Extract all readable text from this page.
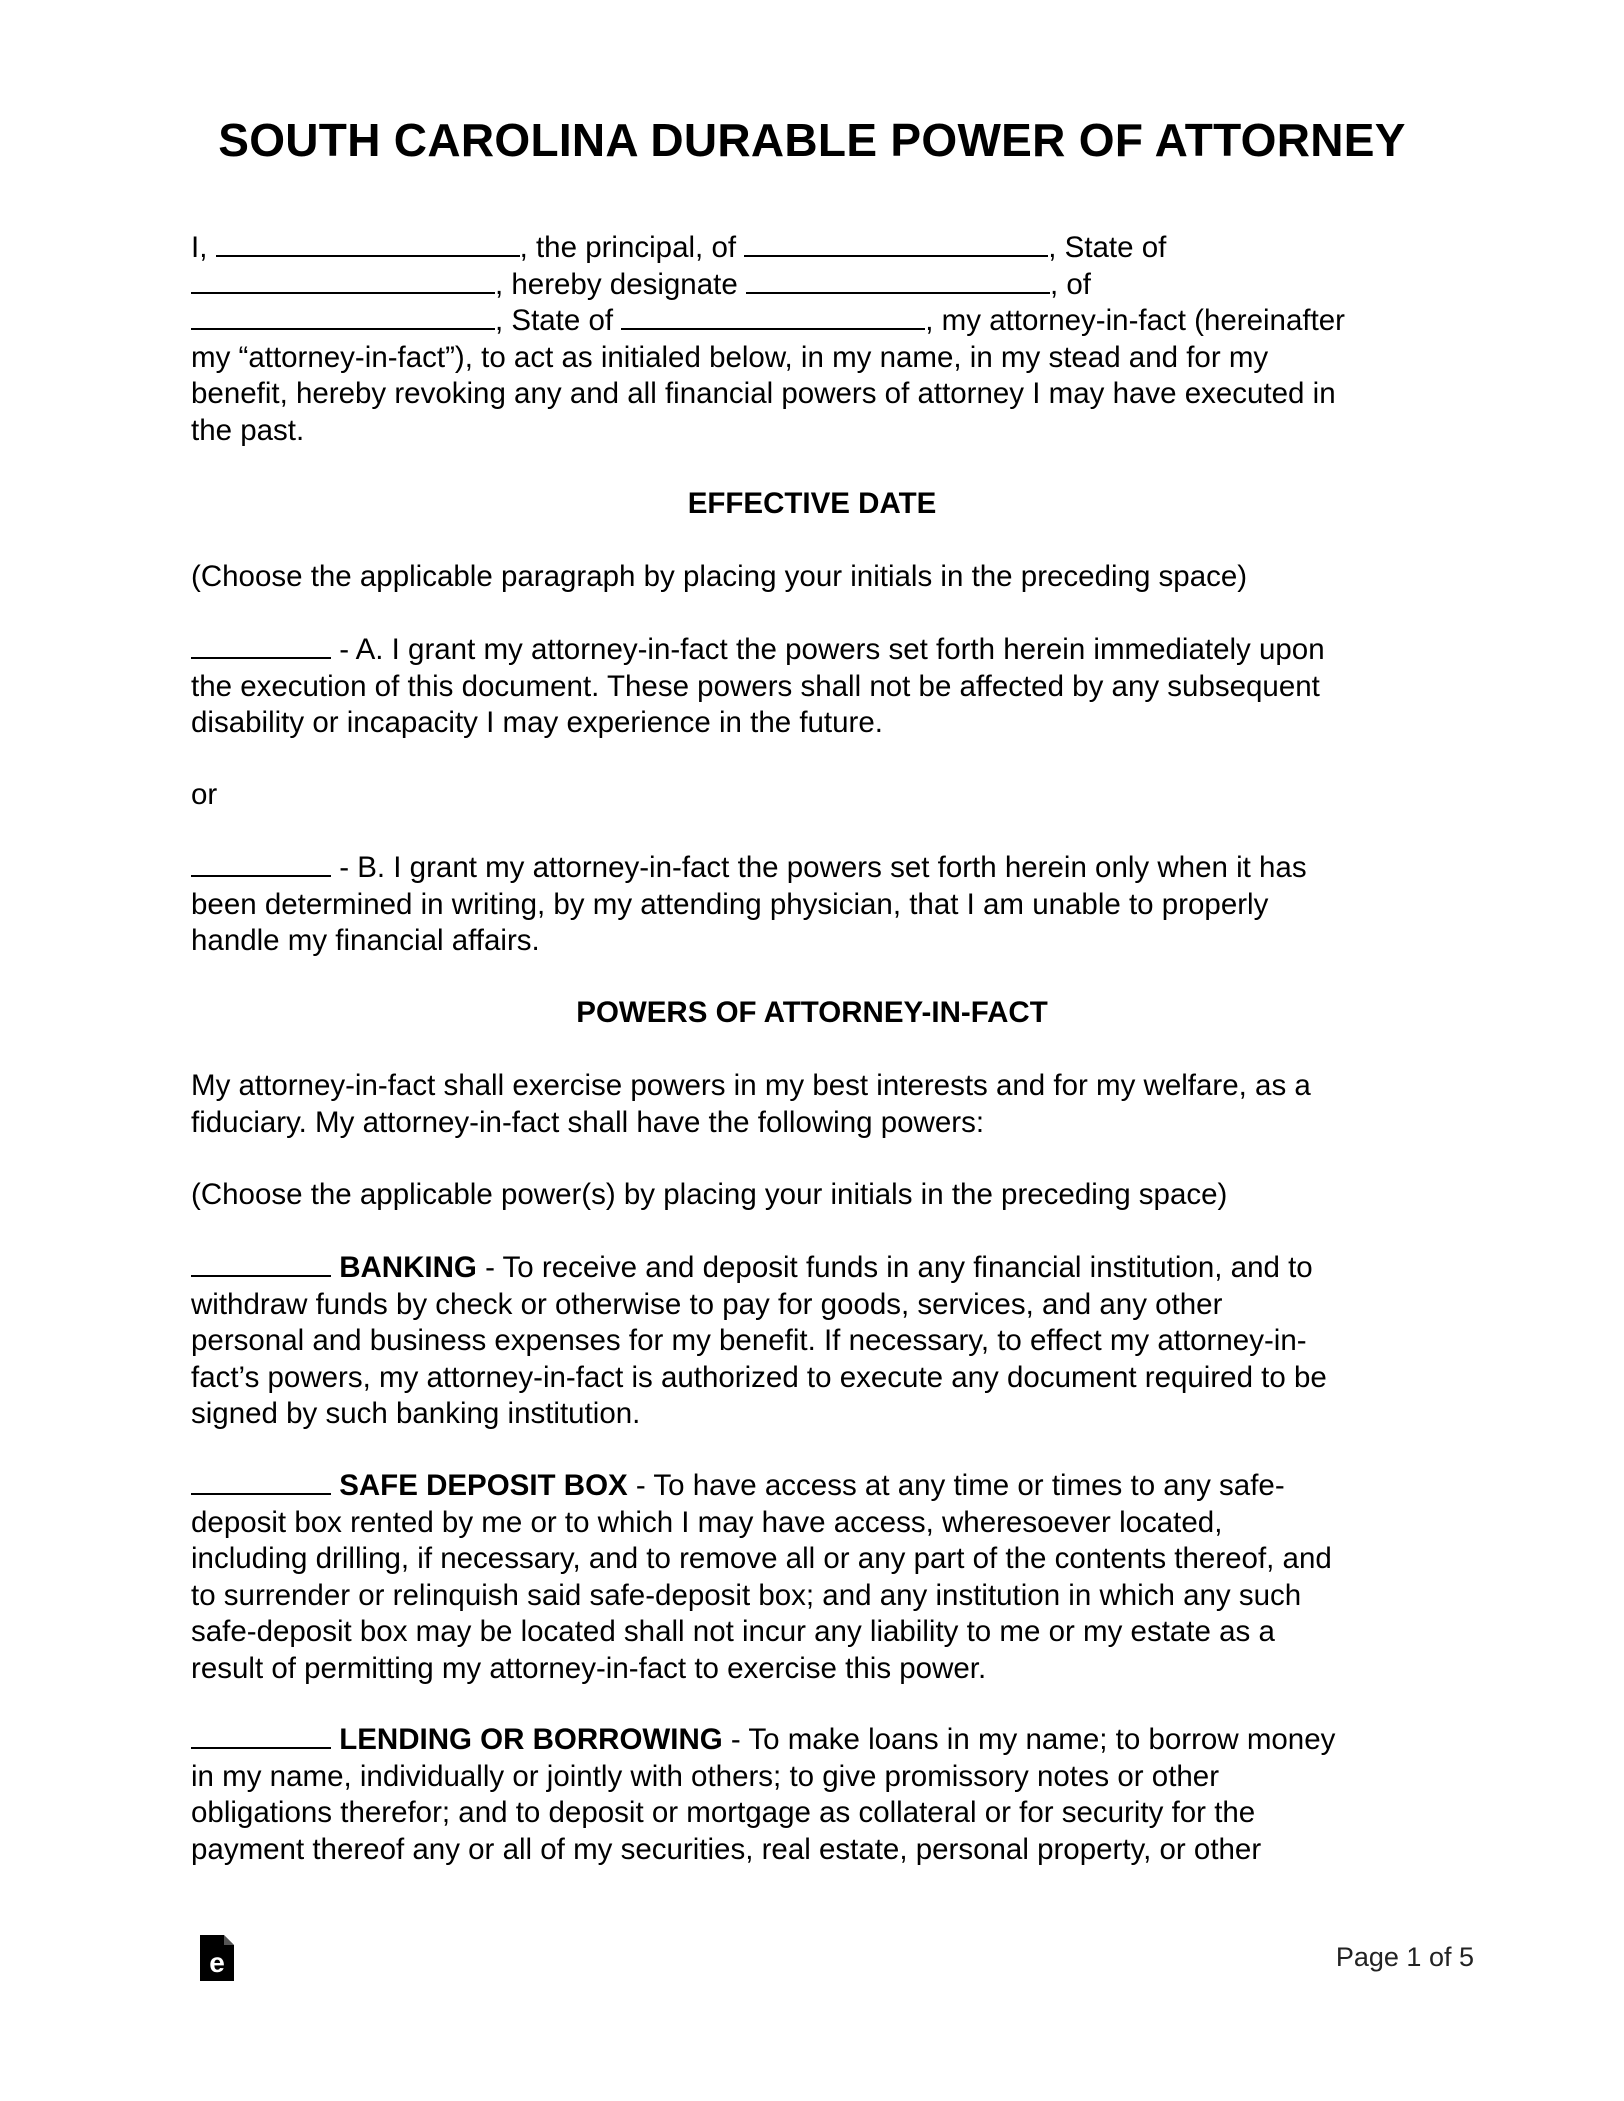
SOUTH CAROLINA DURABLE POWER OF ATTORNEY
I,	, the principal, of	, State of
, hereby designate	, of
, State of	, my attorney-in-fact (hereinafter
my “attorney-in-fact”), to act as initialed below, in my name, in my stead and for my
benefit, hereby revoking any and all financial powers of attorney I may have executed in
the past.
EFFECTIVE DATE
(Choose the applicable paragraph by placing your initials in the preceding space)
- A. I grant my attorney-in-fact the powers set forth herein immediately upon
the execution of this document. These powers shall not be affected by any subsequent
disability or incapacity I may experience in the future.
or
- B. I grant my attorney-in-fact the powers set forth herein only when it has
been determined in writing, by my attending physician, that I am unable to properly
handle my financial affairs.
POWERS OF ATTORNEY-IN-FACT
My attorney-in-fact shall exercise powers in my best interests and for my welfare, as a
fiduciary. My attorney-in-fact shall have the following powers:
(Choose the applicable power(s) by placing your initials in the preceding space)
BANKING - To receive and deposit funds in any financial institution, and to
withdraw funds by check or otherwise to pay for goods, services, and any other
personal and business expenses for my benefit. If necessary, to effect my attorney-in-
fact’s powers, my attorney-in-fact is authorized to execute any document required to be
signed by such banking institution.
SAFE DEPOSIT BOX - To have access at any time or times to any safe-
deposit box rented by me or to which I may have access, wheresoever located,
including drilling, if necessary, and to remove all or any part of the contents thereof, and
to surrender or relinquish said safe-deposit box; and any institution in which any such
safe-deposit box may be located shall not incur any liability to me or my estate as a
result of permitting my attorney-in-fact to exercise this power.
LENDING OR BORROWING - To make loans in my name; to borrow money
in my name, individually or jointly with others; to give promissory notes or other
obligations therefor; and to deposit or mortgage as collateral or for security for the
payment thereof any or all of my securities, real estate, personal property, or other
e	Page 1 of 5
